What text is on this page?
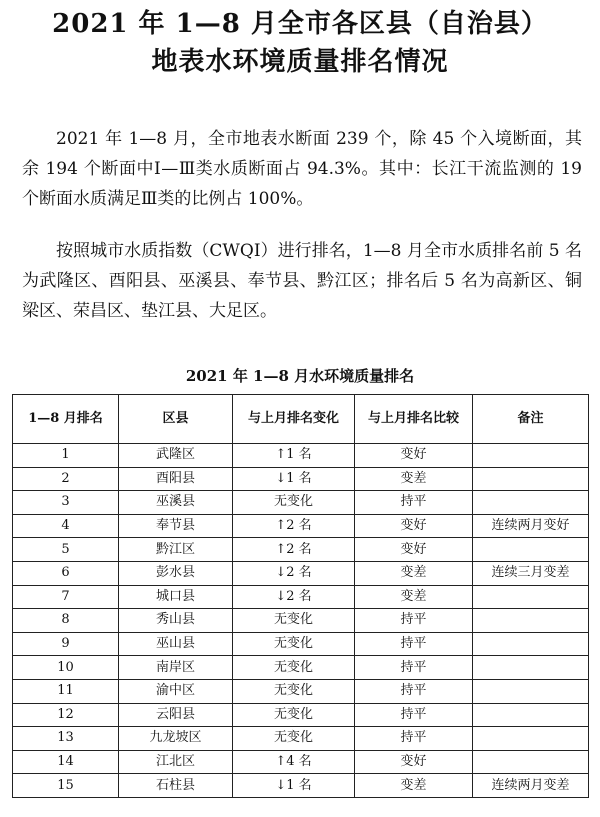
2021 年 1—8 月全市各区县（自治县）
地表水环境质量排名情况

2021 年 1—8 月，全市地表水断面 239 个，除 45 个入境断面，其余 194 个断面中Ⅰ—Ⅲ类水质断面占 94.3%。其中：长江干流监测的 19 个断面水质满足Ⅲ类的比例占 100%。

按照城市水质指数（CWQI）进行排名，1—8 月全市水质排名前 5 名为武隆区、酉阳县、巫溪县、奉节县、黔江区；排名后 5 名为高新区、铜梁区、荣昌区、垫江县、大足区。

2021 年 1—8 月水环境质量排名
1—8 月排名	区县	与上月排名变化	与上月排名比较	备注
1	武隆区	↑1 名	变好	
2	酉阳县	↓1 名	变差	
3	巫溪县	无变化	持平	
4	奉节县	↑2 名	变好	连续两月变好
5	黔江区	↑2 名	变好	
6	彭水县	↓2 名	变差	连续三月变差
7	城口县	↓2 名	变差	
8	秀山县	无变化	持平	
9	巫山县	无变化	持平	
10	南岸区	无变化	持平	
11	渝中区	无变化	持平	
12	云阳县	无变化	持平	
13	九龙坡区	无变化	持平	
14	江北区	↑4 名	变好	
15	石柱县	↓1 名	变差	连续两月变差
